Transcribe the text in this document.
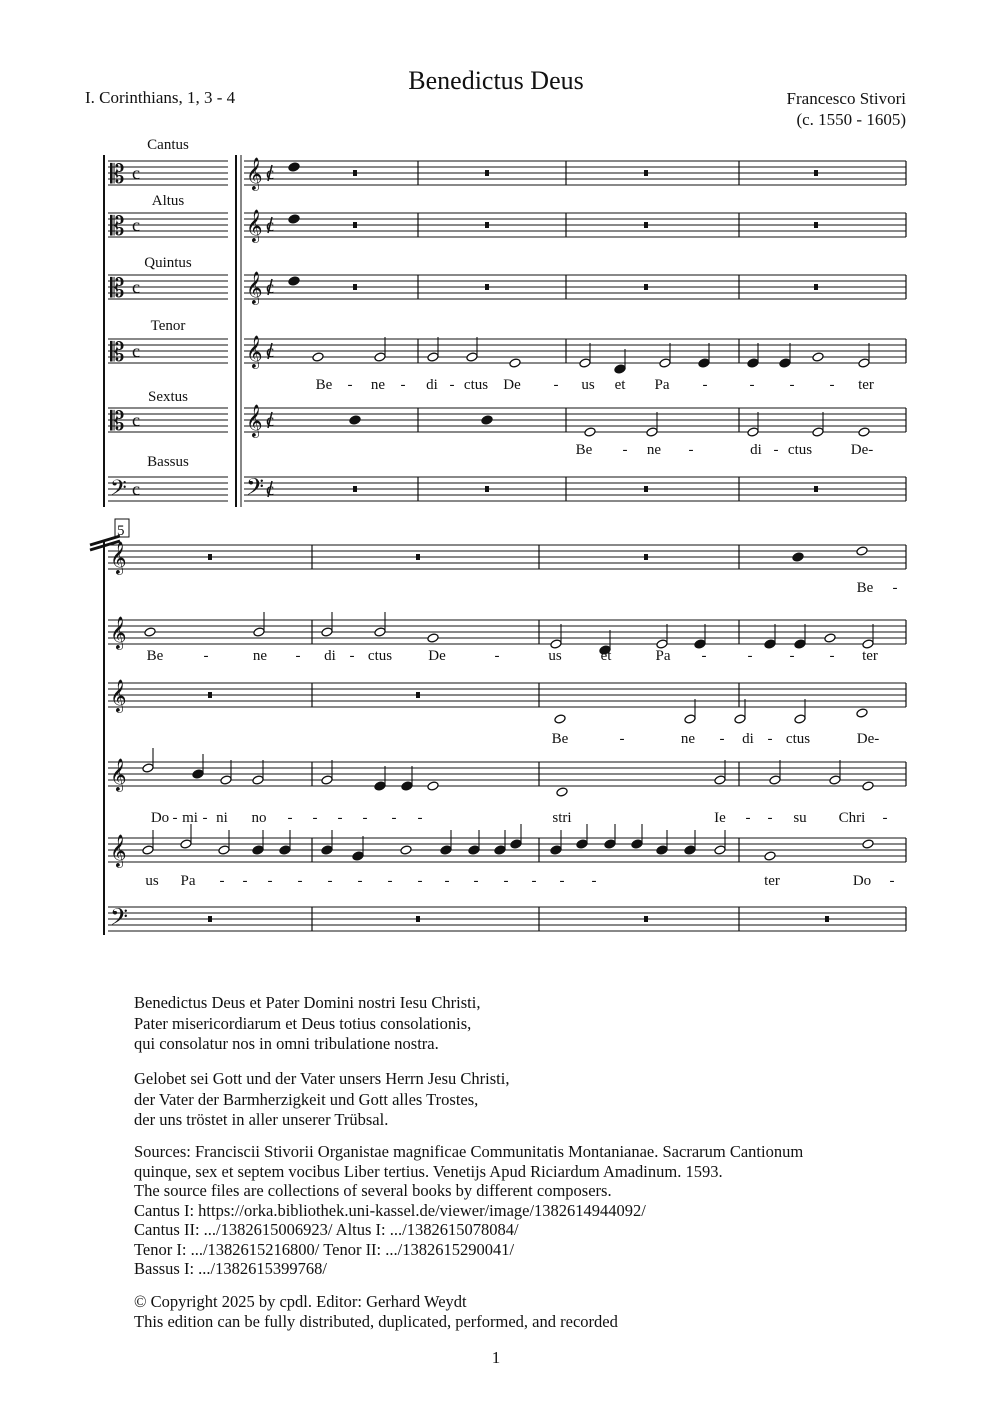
Benedictus Deus
I. Corinthians, 1, 3 - 4	Francesco Stivori
(c. 1550 - 1605)
𝄡 c	𝄞 c
𝄡 c	𝄞 c
𝄡 c	𝄞 c
𝄡 c	𝄞 c
𝄡 c	𝄞 c
𝄢 c	𝄢 c
𝄞
𝄞
𝄞
𝄞
𝄞
𝄢
Cantus
Altus
Quintus
Tenor
Sextus
Bassus
5
Be - ne - di - ctus De - us et Pa -	- - - ter
Be - ne -	di - ctus	De-
Be -
Be	-	ne - di - ctus De	-	us	et	Pa -	- - - ter
Be	-	ne - di - ctus	De-
Do - mi - ni no - - - - - -	stri	Ie - - su Chri -
us Pa - - - - - - - - - - - - - -	ter	Do -
Benedictus Deus et Pater Domini nostri Iesu Christi,
Pater misericordiarum et Deus totius consolationis,
qui consolatur nos in omni tribulatione nostra.
Gelobet sei Gott und der Vater unsers Herrn Jesu Christi,
der Vater der Barmherzigkeit und Gott alles Trostes,
der uns tröstet in aller unserer Trübsal.
Sources: Franciscii Stivorii Organistae magnificae Communitatis Montanianae. Sacrarum Cantionum
quinque, sex et septem vocibus Liber tertius. Venetijs Apud Riciardum Amadinum. 1593.
The source files are collections of several books by different composers.
Cantus I: https://orka.bibliothek.uni-kassel.de/viewer/image/1382614944092/
Cantus II: .../1382615006923/ Altus I: .../1382615078084/
Tenor I: .../1382615216800/ Tenor II: .../1382615290041/
Bassus I: .../1382615399768/
© Copyright 2025 by cpdl. Editor: Gerhard Weydt
This edition can be fully distributed, duplicated, performed, and recorded
1
